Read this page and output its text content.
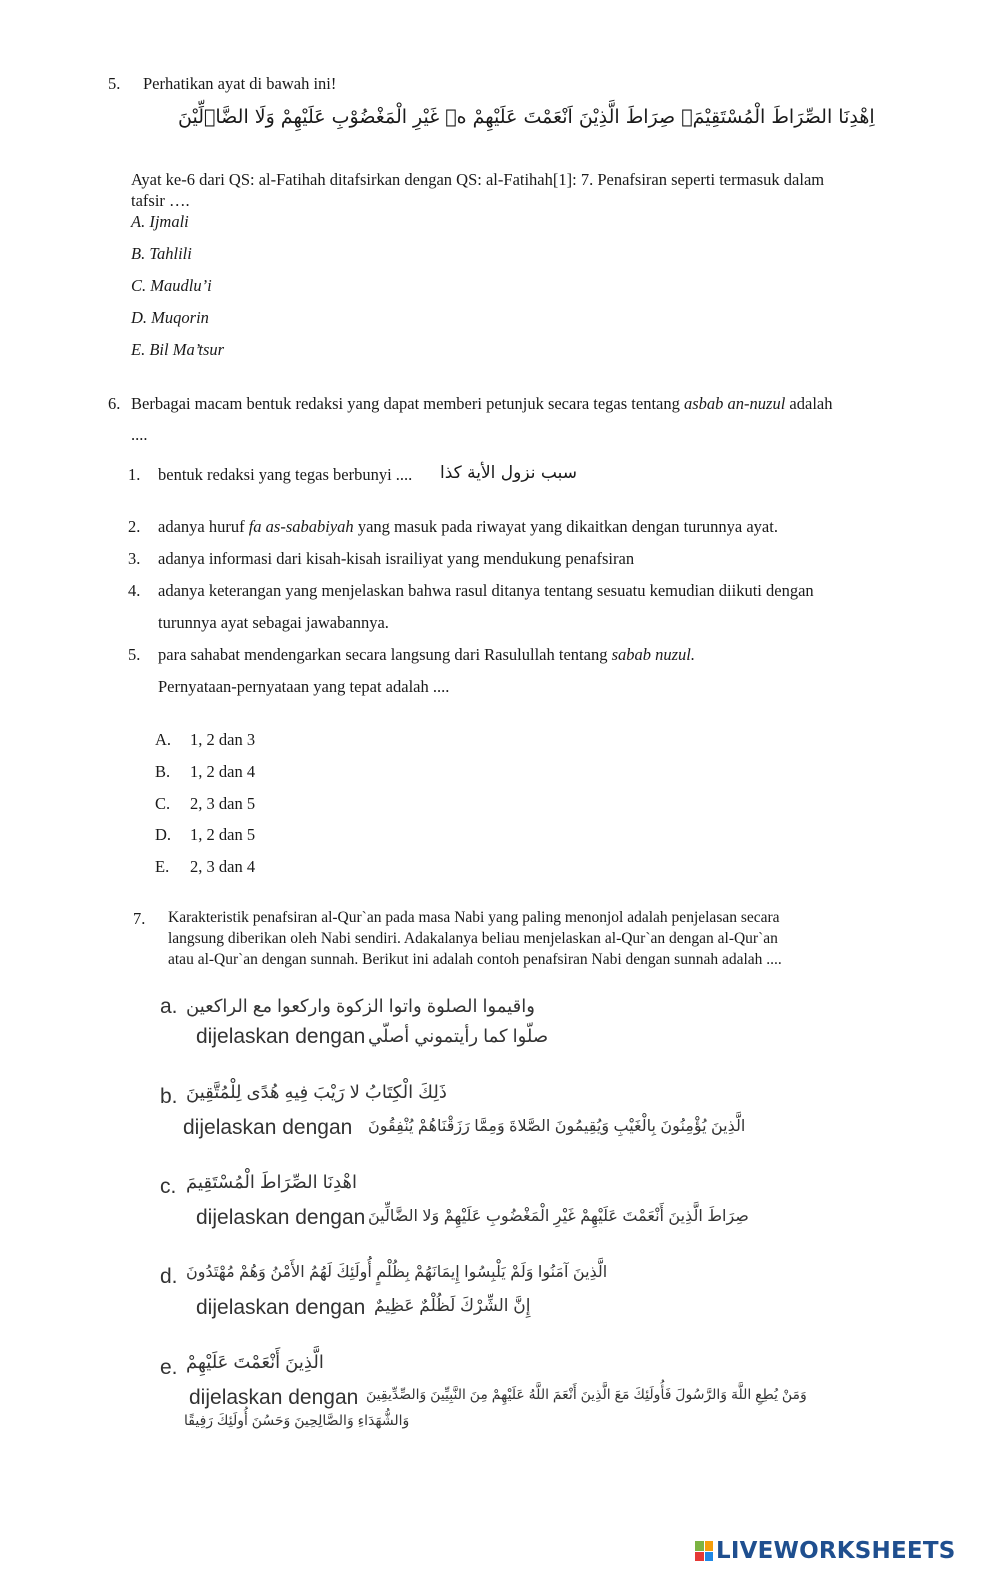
5. Perhatikan ayat di bawah ini!
اِهْدِنَا الصِّرَاطَ الْمُسْتَقِيْمَۙ صِرَاطَ الَّذِيْنَ اَنْعَمْتَ عَلَيْهِمْ ەۙ غَيْرِ الْمَغْضُوْبِ عَلَيْهِمْ وَلَا الضَّاۤلِّيْنَ
Ayat ke-6 dari QS: al-Fatihah ditafsirkan dengan QS: al-Fatihah[1]: 7. Penafsiran seperti termasuk dalam
tafsir ….
A. Ijmali
B. Tahlili
C. Maudlu’i
D. Muqorin
E. Bil Ma’tsur
6. Berbagai macam bentuk redaksi yang dapat memberi petunjuk secara tegas tentang asbab an-nuzul adalah
....
1. bentuk redaksi yang tegas berbunyi .... سبب نزول الأية كذا
2. adanya huruf fa as-sababiyah yang masuk pada riwayat yang dikaitkan dengan turunnya ayat.
3. adanya informasi dari kisah-kisah israiliyat yang mendukung penafsiran
4. adanya keterangan yang menjelaskan bahwa rasul ditanya tentang sesuatu kemudian diikuti dengan
turunnya ayat sebagai jawabannya.
5. para sahabat mendengarkan secara langsung dari Rasulullah tentang sabab nuzul.
Pernyataan-pernyataan yang tepat adalah ....
A. 1, 2 dan 3
B. 1, 2 dan 4
C. 2, 3 dan 5
D. 1, 2 dan 5
E. 2, 3 dan 4
7. Karakteristik penafsiran al-Qur`an pada masa Nabi yang paling menonjol adalah penjelasan secara
langsung diberikan oleh Nabi sendiri. Adakalanya beliau menjelaskan al-Qur`an dengan al-Qur`an
atau al-Qur`an dengan sunnah. Berikut ini adalah contoh penafsiran Nabi dengan sunnah adalah ....
a. واقيموا الصلوة واتوا الزكوة واركعوا مع الراكعين
dijelaskan dengan صلّوا كما رأيتموني أصلّي
b. ذَلِكَ الْكِتَابُ لا رَيْبَ فِيهِ هُدًى لِلْمُتَّقِينَ
dijelaskan dengan الَّذِينَ يُؤْمِنُونَ بِالْغَيْبِ وَيُقِيمُونَ الصَّلاةَ وَمِمَّا رَزَقْنَاهُمْ يُنْفِقُونَ
c. اهْدِنَا الصِّرَاطَ الْمُسْتَقِيمَ
dijelaskan dengan صِرَاطَ الَّذِينَ أَنْعَمْتَ عَلَيْهِمْ غَيْرِ الْمَغْضُوبِ عَلَيْهِمْ وَلا الضَّالِّينَ
d. الَّذِينَ آمَنُوا وَلَمْ يَلْبِسُوا إِيمَانَهُمْ بِظُلْمٍ أُولَئِكَ لَهُمُ الأَمْنُ وَهُمْ مُهْتَدُونَ
dijelaskan dengan إِنَّ الشِّرْكَ لَظُلْمٌ عَظِيمٌ
e. الَّذِينَ أَنْعَمْتَ عَلَيْهِمْ
dijelaskan dengan وَمَنْ يُطِعِ اللَّهَ وَالرَّسُولَ فَأُولَئِكَ مَعَ الَّذِينَ أَنْعَمَ اللَّهُ عَلَيْهِمْ مِنَ النَّبِيِّينَ وَالصِّدِّيقِينَ
وَالشُّهَدَاءِ وَالصَّالِحِينَ وَحَسُنَ أُولَئِكَ رَفِيقًا
LIVEWORKSHEETS
